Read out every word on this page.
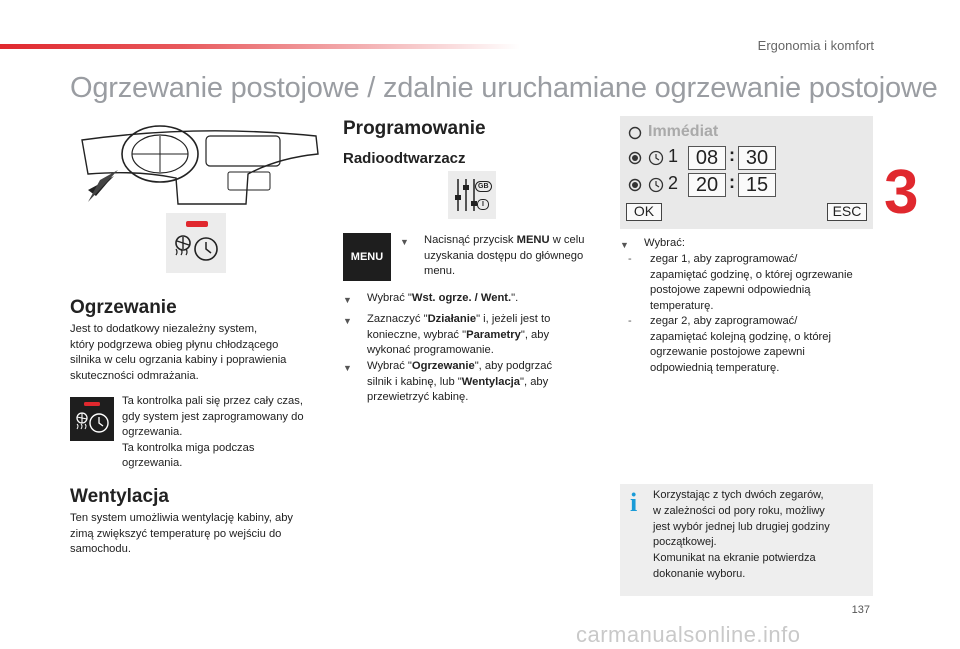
Ergonomia i komfort
Ogrzewanie postojowe / zdalnie uruchamiane ogrzewanie postojowe
3
Ogrzewanie
Jest to dodatkowy niezależny system,
który podgrzewa obieg płynu chłodzącego
silnika w celu ogrzania kabiny i poprawienia
skuteczności odmrażania.
Ta kontrolka pali się przez cały czas,
gdy system jest zaprogramowany do
ogrzewania.
Ta kontrolka miga podczas
ogrzewania.
Wentylacja
Ten system umożliwia wentylację kabiny, aby
zimą zwiększyć temperaturę po wejściu do
samochodu.
Programowanie
Radioodtwarzacz
GB
I
MENU
▼	Nacisnąć przycisk MENU w celu
uzyskania dostępu do głównego
menu.
▼	Wybrać "Wst. ogrze. / Went.".
▼	Zaznaczyć "Działanie" i, jeżeli jest to
konieczne, wybrać "Parametry", aby
wykonać programowanie.
▼	Wybrać "Ogrzewanie", aby podgrzać
silnik i kabinę, lub "Wentylacja", aby
przewietrzyć kabinę.
Immédiat
1 08 : 30
2 20 : 15
OK	ESC
▼	Wybrać:
-	zegar 1, aby zaprogramować/
zapamiętać godzinę, o której ogrzewanie
postojowe zapewni odpowiednią
temperaturę.
-	zegar 2, aby zaprogramować/
zapamiętać kolejną godzinę, o której
ogrzewanie postojowe zapewni
odpowiednią temperaturę.
i Korzystając z tych dwóch zegarów,
w zależności od pory roku, możliwy
jest wybór jednej lub drugiej godziny
początkowej.
Komunikat na ekranie potwierdza
dokonanie wyboru.
137
carmanualsonline.info
